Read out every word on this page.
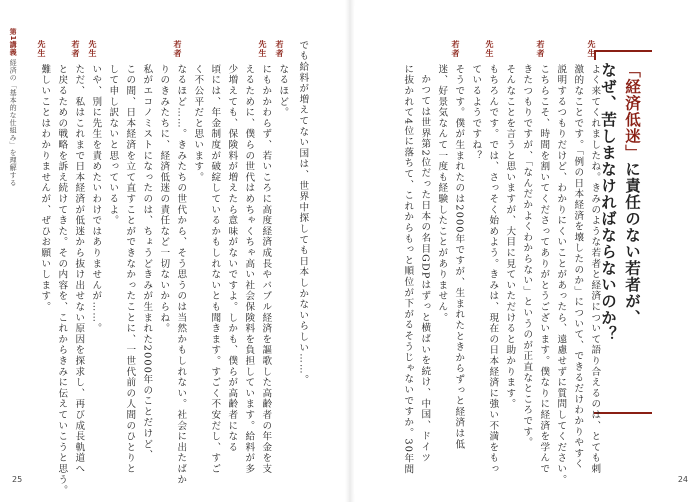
第1講義 経済の「基本的な仕組み」を理解する	でも給料が増えてない国は、世界中探しても日本しかないらしい……。
若者
なるほど。
先生
にもかかわらず、若いころに高度経済成長やバブル経済を謳歌した高齢者の年金を支
えるために、僕らの世代はめちゃくちゃ高い社会保険料を負担しています。給料が多
少増えても、保険料が増えたら意味がないですよ。しかも、僕らが高齢者になる
頃には、年金制度が破綻しているかもしれないとも聞きます。すごく不安だし、すご
く不公平だと思います。
若者
なるほど……。きみたちの世代から、そう思うのは当然かもしれない。社会に出たばか
りのきみたちに、経済低迷の責任など一切ないからね。
私がエコノミストになったのは、ちょうどきみが生まれた2000年のことだけど、
この間、日本経済を立て直すことができなかったことに、一世代前の人間のひとりと
して申し訳ないと思っているよ。
先生
いや、別に先生を責めたいわけではありませんが……。
若者
ただ、私はこれまで日本経済が低迷から抜け出せない原因を探求し、再び成長軌道へ
と戻るための戦略を訴え続けてきた。その内容を、これからきみに伝えていこうと思う。
先生
難しいことはわかりませんが、ぜひお願いします。
25
「経済低迷」に責任のない若者が、
なぜ、苦しまなければならないのか？
先生
よく来てくれましたね。きみのような若者と経済について語り合えるのは、とても刺
激的なことです。「例の日本経済を壊したのか」について、できるだけわかりやすく
説明するつもりだけど、わかりにくいことがあったら、遠慮せずに質問してください。
若者
こちらこそ、時間を割いてくださってありがとうございます。僕なりに経済を学んで
きたつもりですが、「なんだかよくわからない」というのが正直なところです。
そんなことを言うと思いますが、大目に見ていただけると助かります。
先生
もちろんです。では、さっそく始めよう。きみは、現在の日本経済に強い不満をもっ
ているようですね？
若者
そうです。僕が生まれたのは2000年ですが、生まれたときからずっと経済は低
迷、好景気なんて一度も経験したことがありません。
かつては世界第2位だった日本の名目GDPはずっと横ばいを続け、中国、ドイツ
に抜かれて4位に落ちて、これからもっと順位が下がるそうじゃないですか。30年間
24
